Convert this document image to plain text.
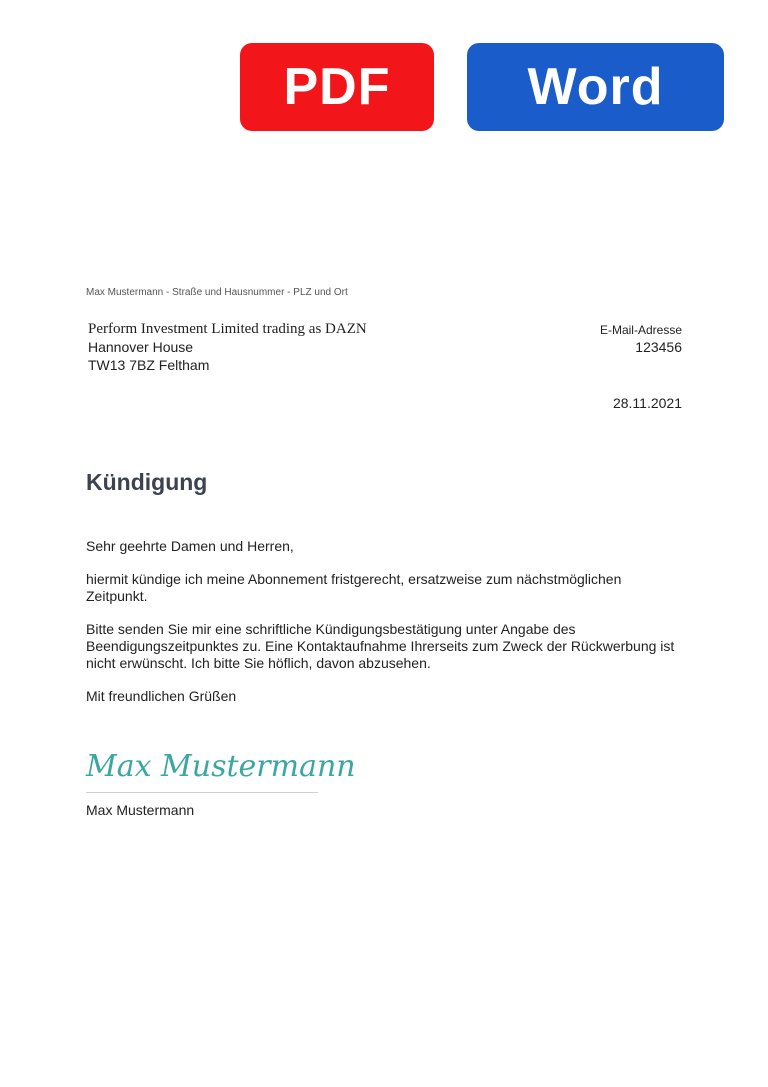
PDF	Word
Max Mustermann - Straße und Hausnummer - PLZ und Ort
Perform Investment Limited trading as DAZN
Hannover House
TW13 7BZ Feltham
E-Mail-Adresse
123456
28.11.2021
Kündigung

Sehr geehrte Damen und Herren,

hiermit kündige ich meine Abonnement fristgerecht, ersatzweise zum nächstmöglichen Zeitpunkt.

Bitte senden Sie mir eine schriftliche Kündigungsbestätigung unter Angabe des Beendigungszeitpunktes zu. Eine Kontaktaufnahme Ihrerseits zum Zweck der Rückwerbung ist nicht erwünscht. Ich bitte Sie höflich, davon abzusehen.

Mit freundlichen Grüßen

Max Mustermann
Max Mustermann
